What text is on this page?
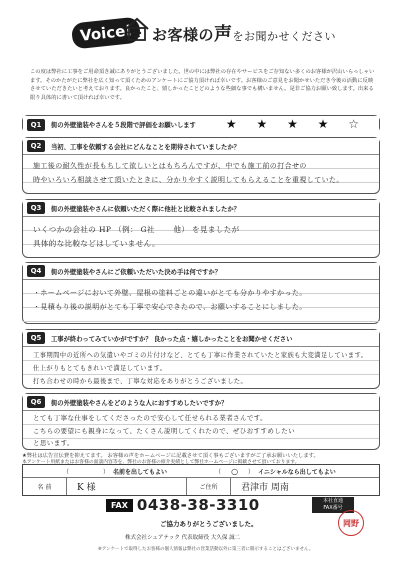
Voice!	お客様の声をお聞かせください
この度は弊社に工事をご用命頂き誠にありがとうございました。世の中には弊社の存在やサービスをご存知ない多くのお客様が沢山いらっしゃいます。そのかたがたに弊社を広く知って頂くためのアンケートにご協力頂ければ幸いです。お客様のご意見をお聞かせいただき今後の活動に反映させていただきたいと考えております。良かったこと、嬉しかったことどのような些細な事でも構いません。是非ご協力お願い致します。出来る限り具体的に書いて頂ければ幸いです。
Q1	街の外壁塗装やさんを５段階で評価をお願いします	★ ★ ★ ★ ☆
Q2	当初、工事を依頼する会社にどんなことを期待されていましたか？
施工後の耐久性が長もちして欲しいとはもちろんですが、中でも施工前の打合せの
時やいろいろ相談させて頂いたときに、分かりやすく説明してもらえることを重視していた。
Q3	街の外壁塗装やさんに依頼いただく際に他社と比較されましたか？
いくつかの会社の HP （例： G社 　　他） を見ましたが
具体的な比較などはしていません。
Q4	街の外壁塗装やさんにご依頼いただいた決め手は何ですか？
・ホームページにおいて外壁、屋根の塗料ごとの違いがとても分かりやすかった。
・見積もり後の説明がとても丁寧で安心できたので、お願いすることにしました。
Q5	工事が終わってみていかがですか？ 良かった点・嬉しかったことをお聞かせください
工事期間中の近所への気遣いやゴミの片付けなど、とても丁寧に作業されていたと家族も大変満足しています。
仕上がりもとてもきれいで満足しています。
打ち合わせの時から最後まで、丁寧な対応をありがとうございました。
Q6	街の外壁塗装やさんをどのような人におすすめしたいですか？
とても丁寧な仕事をしてくださったので安心して任せられる業者さんです。
こちらの要望にも親身になって、たくさん説明してくれたので、ぜひおすすめしたい
と思います。
★弊社は広告宣伝費を抑えてます。 お客様の声をホームページに記載させて頂く事もございますがご了承お願いいたします。
本アンケート用紙またはお客様の面談内容等を、弊社のお客様の紹介実績として弊社ホームページに掲載させて頂いております。
（	） 名前を出してもよい	（ ○ ） イニシャルなら出してもよい
名 前	K 様	ご住所	君津市 周南
FAX 0438-38-3310	本社直通
FAX番号
ご協力ありがとうございました。
株式会社シェアテック 代表取締役 大久保 誠二
※アンケートで取得したお客様の個人情報は弊社の営業活動以外に第三者に開示することはございません。
岡野
